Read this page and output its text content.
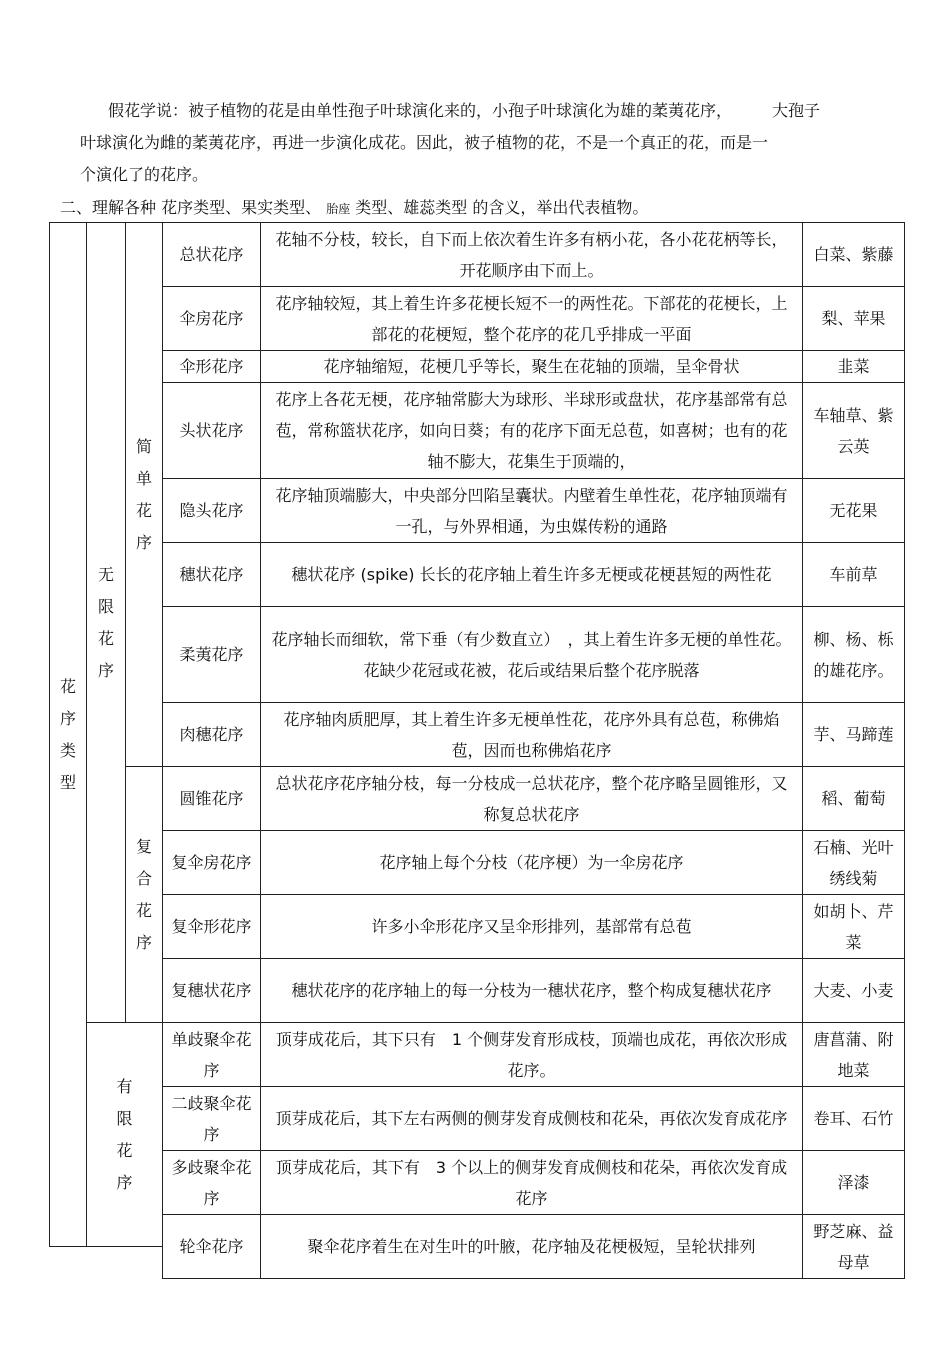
假花学说：被子植物的花是由单性孢子叶球演化来的，小孢子叶球演化为雄的葇荑花序，　　　大孢子
叶球演化为雌的葇荑花序，再进一步演化成花。因此，被子植物的花，不是一个真正的花，而是一
个演化了的花序。
二、理解各种 花序类型、果实类型、 胎座 类型、雄蕊类型 的含义，举出代表植物。
花序类型	无限花序	简单花序	总状花序	花轴不分枝，较长，自下而上依次着生许多有柄小花，各小花花柄等长，开花顺序由下而上。	白菜、紫藤

			伞房花序	花序轴较短，其上着生许多花梗长短不一的两性花。下部花的花梗长，上部花的花梗短，整个花序的花几乎排成一平面	梨、苹果

			伞形花序	花序轴缩短，花梗几乎等长，聚生在花轴的顶端，呈伞骨状	韭菜
			头状花序	花序上各花无梗，花序轴常膨大为球形、半球形或盘状，花序基部常有总苞，常称篮状花序，如向日葵；有的花序下面无总苞，如喜树；也有的花轴不膨大，花集生于顶端的，	车轴草、紫云英

			隐头花序	花序轴顶端膨大，中央部分凹陷呈囊状。内壁着生单性花，花序轴顶端有一孔，与外界相通，为虫媒传粉的通路	无花果

			穗状花序	穗状花序 (spike) 长长的花序轴上着生许多无梗或花梗甚短的两性花	车前草

			柔荑花序	花序轴长而细软，常下垂（有少数直立）　，其上着生许多无梗的单性花。花缺少花冠或花被，花后或结果后整个花序脱落	柳、杨、栎的雄花序。

			肉穗花序	花序轴肉质肥厚，其上着生许多无梗单性花，花序外具有总苞，称佛焰苞，因而也称佛焰花序	芋、马蹄莲

		复合花序	圆锥花序	总状花序花序轴分枝，每一分枝成一总状花序，整个花序略呈圆锥形，又称复总状花序	稻、葡萄

			复伞房花序	花序轴上每个分枝（花序梗）为一伞房花序	石楠、光叶绣线菊

			复伞形花序	许多小伞形花序又呈伞形排列，基部常有总苞	如胡卜、芹菜

			复穗状花序	穗状花序的花序轴上的每一分枝为一穗状花序，整个构成复穗状花序	大麦、小麦

	有限花序		单歧聚伞花序	顶芽成花后，其下只有　1 个侧芽发育形成枝，顶端也成花，再依次形成花序。	唐菖蒲、附地菜

			二歧聚伞花序	顶芽成花后，其下左右两侧的侧芽发育成侧枝和花朵，再依次发育成花序	卷耳、石竹

			多歧聚伞花序	顶芽成花后，其下有　3 个以上的侧芽发育成侧枝和花朵，再依次发育成花序	泽漆

			轮伞花序	聚伞花序着生在对生叶的叶腋，花序轴及花梗极短，呈轮状排列	野芝麻、益母草
